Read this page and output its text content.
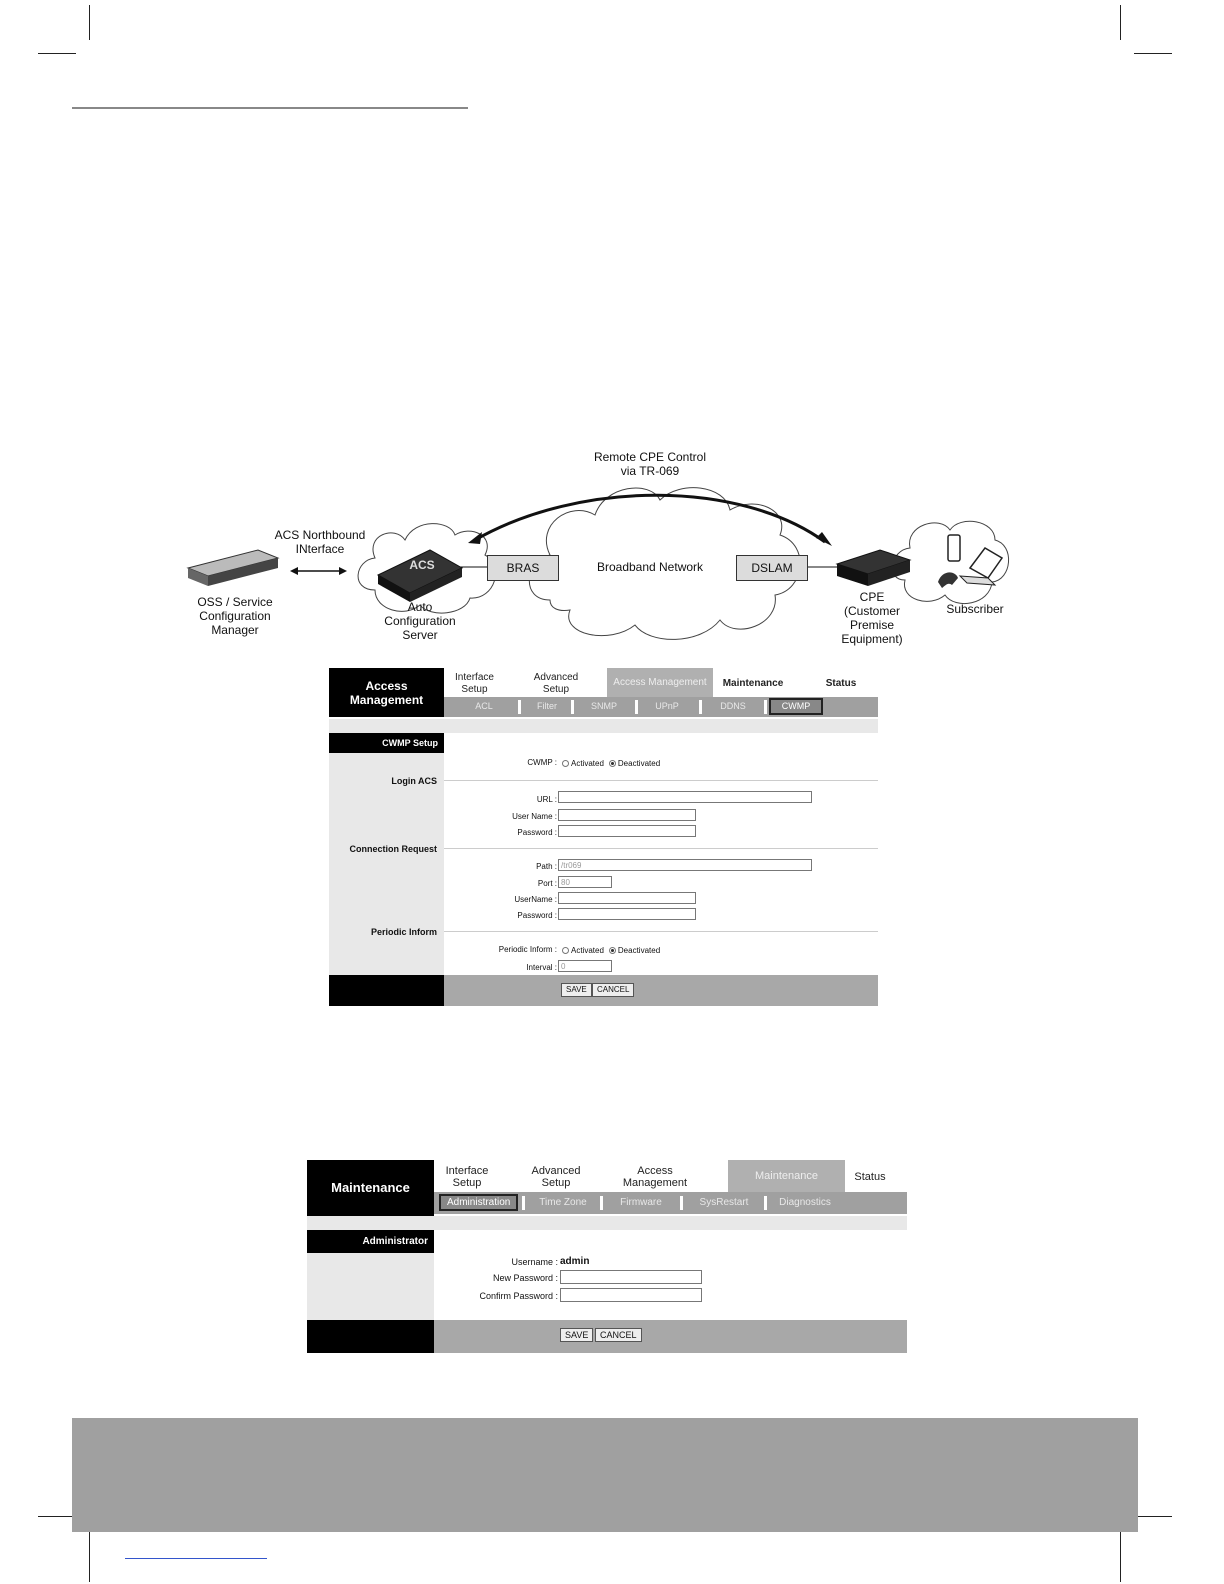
Remote CPE Control via TR-069
ACS Northbound INterface
OSS / Service Configuration Manager
ACS
Auto Configuration Server
BRAS	Broadband Network	DSLAM
CPE (Customer Premise Equipment)
Subscriber
Access Management
Interface Setup
Advanced Setup
Access Management	Maintenance	Status
ACL	Filter	SNMP	UPnP	DDNS	CWMP
CWMP Setup
CWMP : Activated Deactivated
Login ACS
URL :
User Name :
Password :
Connection Request
Path :
/tr069
Port :
80
UserName :
Password :
Periodic Inform
Periodic Inform : Activated Deactivated
Interval :
0
SAVE	CANCEL
Maintenance
Interface Setup
Advanced Setup
Access Management
Maintenance	Status
Administration	Time Zone	Firmware	SysRestart	Diagnostics
Administrator
Username : admin
New Password :
Confirm Password :
SAVE	CANCEL
